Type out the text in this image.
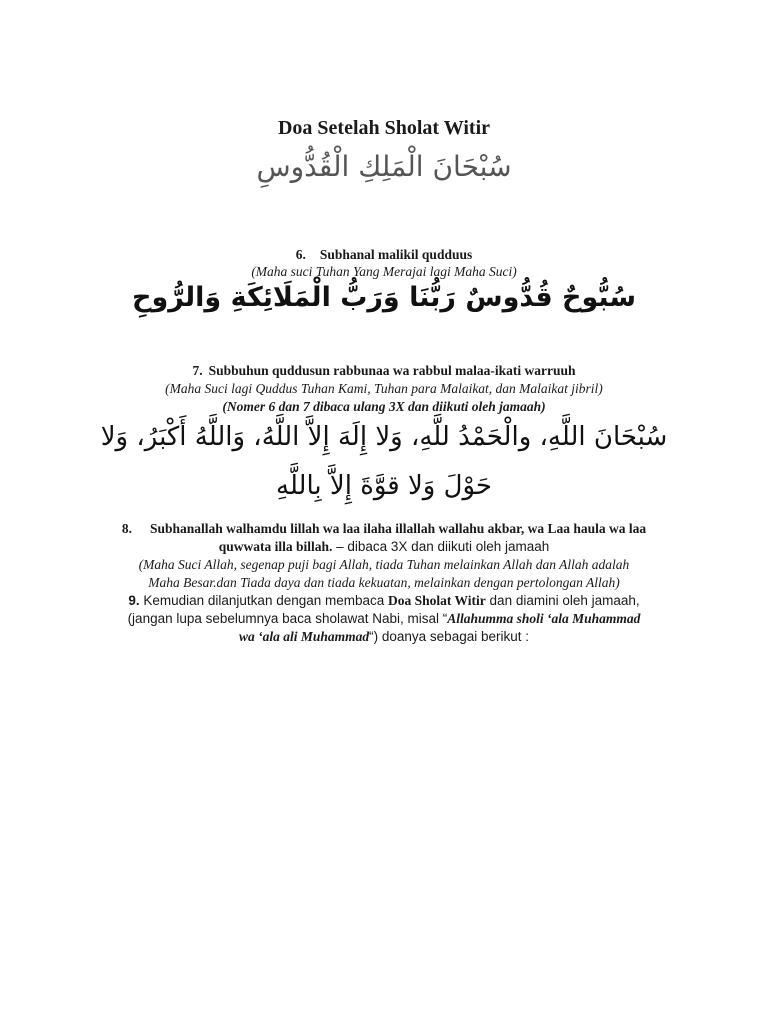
Doa Setelah Sholat Witir
سُبْحَانَ الْمَلِكِ الْقُدُّوسِ
6. Subhanal malikil qudduus
(Maha suci Tuhan Yang Merajai lagi Maha Suci)
سُبُّوحٌ قُدُّوسٌ رَبُّنَا وَرَبُّ الْمَلَائِكَةِ وَالرُّوحِ
7. Subbuhun quddusun rabbunaa wa rabbul malaa-ikati warruuh
(Maha Suci lagi Quddus Tuhan Kami, Tuhan para Malaikat, dan Malaikat jibril)
(Nomer 6 dan 7 dibaca ulang 3X dan diikuti oleh jamaah)
سُبْحَانَ اللَّهِ، والْحَمْدُ للَّهِ، وَلا إِلَهَ إِلاَّ اللَّهُ، وَاللَّهُ أَكْبَرُ، وَلا
حَوْلَ وَلا قوَّةَ إِلاَّ بِاللَّهِ
8. Subhanallah walhamdu lillah wa laa ilaha illallah wallahu akbar, wa Laa haula wa laa
quwwata illa billah. – dibaca 3X dan diikuti oleh jamaah
(Maha Suci Allah, segenap puji bagi Allah, tiada Tuhan melainkan Allah dan Allah adalah
Maha Besar.dan Tiada daya dan tiada kekuatan, melainkan dengan pertolongan Allah)
9. Kemudian dilanjutkan dengan membaca Doa Sholat Witir dan diamini oleh jamaah,
(jangan lupa sebelumnya baca sholawat Nabi, misal “Allahumma sholi ‘ala Muhammad
wa ‘ala ali Muhammad“) doanya sebagai berikut :
